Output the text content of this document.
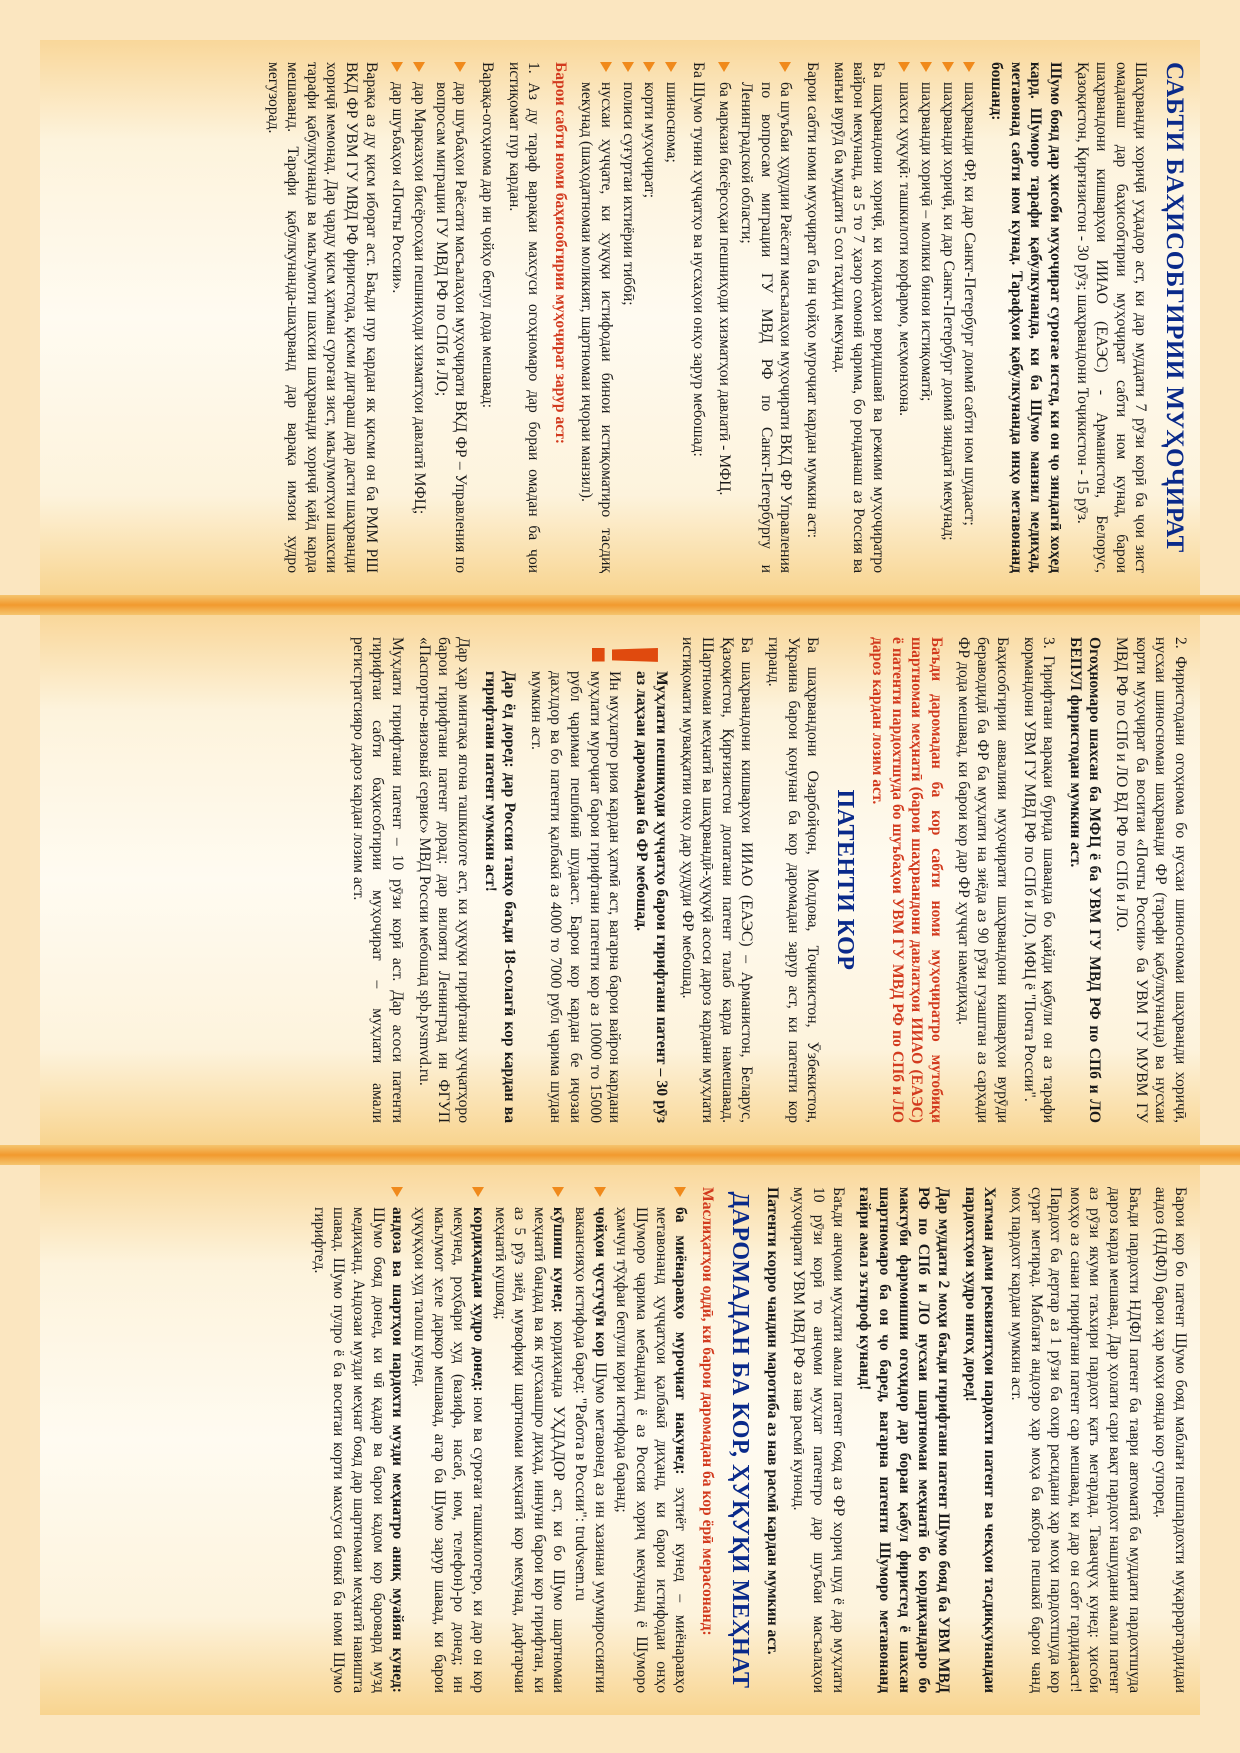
САБТИ БАҲИСОБГИРИИ МУҲОҶИРАТ

Шаҳрванди хориҷӣ уҳдадор аст, ки дар муддати 7 рӯзи корӣ ба ҷои зист омаданаш дар баҳисобгирии муҳоҷират сабти ном кунад, барои шаҳрвандони кишварҳои ИИАО (ЕАЭС) - Арманистон, Белорус, Қазоқистон, Қирғизистон - 30 рӯз; шаҳрвандони Тоҷикистон - 15 рӯз.

Шумо бояд дар ҳисоби муҳоҷират суроғае истед, ки он ҷо зиндагӣ хоҳед кард. Шуморо тарафи қабулкунанда, ки ба Шумо манзил медиҳад, метавонад сабти ном кунад. Тарафҳои қабулкунанда инҳо метавонанд бошанд:

шаҳрванди ФР, ки дар Санкт-Петербург доимӣ сабти ном шудааст;
шаҳрванди хориҷӣ, ки дар Санкт-Петербург доимӣ зиндагӣ мекунад;
шаҳрванди хориҷӣ – молики бинои истиқоматӣ;
шахси ҳуқуқӣ: ташкилоти корфармо, меҳмонхона.

Ба шаҳрвандони хориҷӣ, ки қоидаҳои воридшавӣ ва режими муҳоҷиратро вайрон мекунанд, аз 5 то 7 ҳазор сомонӣ ҷарима, бо ронданаш аз Россия ва манъи вурӯд ба муддати 5 сол таҳдид мекунад.

Барои сабти номи муҳоҷират ба ин ҷойҳо муроҷиат кардан мумкин аст:

ба шуъбаи ҳудудии Раёсати масъалаҳои муҳоҷирати ВКД ФР Управления по вопросам миграции ГУ МВД РФ по Санкт-Петербургу и Ленинградской области;
ба маркази бисёрсоҳаи пешниҳоди хизматҳои давлатӣ - МФЦ.

Ба Шумо тунин ҳуҷҷатҳо ва нусхаҳои онҳо зарур мебошад:

шиносномa;
корти муҳоҷират;
полиси суғуртаи ихтиёрии тиббӣ;
нусхаи ҳуҷҷате, ки ҳуқуқи истифодаи бинои истиқоматиро тасдиқ мекунад (шаҳодатномаи моликият, шартномаи иҷораи манзил).

Барои сабти номи баҳисобгирии муҳоҷират зарур аст:

1. Аз ду тараф варақаи махсуси огоҳномаро дар бораи омадан ба ҷои истиқомат пур кардан.

Варақа-огоҳнома дар ин ҷойҳо бепул дода мешавад:

дар шуъбаҳои Раёсати масъалаҳои муҳоҷирати ВКД ФР – Управления по вопросам миграции ГУ МВД РФ по СПб и ЛО;
дар Марказҳои бисёрсоҳаи пешниҳоди хизматҳои давлатӣ МФЦ;
дар шуъбаҳои «Почты России».

Варақа аз ду қисм иборат аст. Баъди пур кардан як қисми он ба РММ РШ ВКД ФР УВМ ГУ МВД РФ фиристода, қисми дигараш дар дасти шаҳрванди хориҷӣ мемонад. Дар ҷарду қисм ҳатман суроғаи зист, маълумотҳои шахсии тарафи қабулкунанда ва маълумоти шахсии шаҳрванди хориҷӣ қайд карда мешаванд. Тарафи қабулкунанда-шаҳрванд дар варақа имзои худро мегузорад.

2. Фиристодани огоҳнома бо нусхаи шиносномаи шаҳрванди хориҷӣ, нусхаи шиносномаи шаҳрванди ФР (тарафи қабулкунанда) ва нусхаи корти муҳоҷират ба воситаи «Почты России» ба УВМ ГУ МУВМ ГУ МВД РФ по СПб и ЛО ВД РФ по СПб и ЛО.

Огоҳномаро шахсан ба МФЦ ё ба УВМ ГУ МВД РФ по СПб и ЛО БЕПУЛ фиристодан мумкин аст.

3. Гирифтани варақаи бурида шаванда бо қайди қабули он аз тарафи кормандони УВМ ГУ МВД РФ по СПб и ЛО, МФЦ ё "Почта России".

Баҳисобгирии аввалияи муҳоҷирати шаҳрвандони кишварҳои вурӯди бераводидӣ ба ФР ба муҳлати на зиёда аз 90 рӯзи гузаштан аз сарҳади ФР дода мешавад, ки барои кор дар ФР ҳуҷҷат намедиҳад.

Баъди даромадан ба кор сабти номи муҳоҷиратро мутобиқи шартномаи меҳнатӣ (барои шаҳрвандони давлатҳои ИИАО (ЕАЭС) ё патенти пардохтшуда бо шуъбаҳои УВМ ГУ МВД РФ по СПб и ЛО дароз кардан лозим аст.

ПАТЕНТИ КОР

Ба шаҳрвандони Озарбойҷон, Молдова, Тоҷикистон, Ӯзбекистон, Украина барои қонунан ба кор даромадан зарур аст, ки патенти кор гиранд.

Ба шаҳрвандони кишварҳои ИИАО (ЕАЭС) – Арманистон, Беларус, Қазоқистон, Қирғизистон допатани патент талаб карда намешавад. Шартномаи меҳнатӣ ва шаҳрвандӣ-ҳуқуқӣ асоси дароз кардани муҳлати истиқомати муваққатии онҳо дар ҳудуди ФР мебошад.

!

Муҳлати пешниҳоди ҳуҷҷатҳо барои гирифтани патент – 30 рӯз аз лаҳзаи даромадан ба ФР мебошад.

Ин муҳлатро риоя кардан ҳатмӣ аст, вагарна барои вайрон кардани муҳлати муроҷиат барои гирифтани патенти кор аз 10000 то 15000 рубл ҷаримаи пешбинӣ шудааст. Барои кор кардан бе иҷозаи дахлдор ва бо патенти қалбакӣ аз 4000 то 7000 рубл ҷарима шудан мумкин аст.

Дар ёд доред: дар Россия танҳо баъди 18-солагӣ кор кардан ва гирифтани патент мумкин аст!

Дар ҳар минтақа ягона ташкилоте аст, ки ҳуқуқи гирифтани ҳуҷҷатҳоро барои гирифтани патент дорад: дар вилояти Ленинград ин ФГУП «Паспортно-визовый сервис» МВД России мебошад spb.pvsmvd.ru.

Муҳлати гирифтани патент – 10 рӯзи корӣ аст. Дар асоси патенти гирифтаи сабти баҳисобгирии муҳоҷират – муҳлати амали регистратсияро дароз кардан лозим аст.

Барои кор бо патент Шумо бояд маблағи пешпардохти муқарраргардидаи андоз (НДФЛ) барои ҳар моҳи оянда кор супоред.

Баъди пардохти НДФЛ патент ба таври автоматӣ ба муддати пардохтшуда дароз карда мешавад. Дар ҳолати сари вақт пардохт нашудани амали патент аз рӯзи якуми таъхири пардохт қатъ мегардад. Таваҷҷуҳ кунед: ҳисоби моҳҳо аз санаи гирифтани патент сар мешавад, ки дар он сабт гардидааст! Пардохт ба дертар аз 1 рӯзи ба охир расидани ҳар моҳи пардохтшуда кор сурат мегирад. Маблағи андозро ҳар моҳа ба якбора пешакӣ барои чанд моҳ пардохт кардан мумкин аст.

Хатман дами реквизитҳои пардохти патент ва чекҳои тасдиқкунандаи пардохтҳои худро нигоҳ доред!

Дар муддати 2 моҳи баъди гирифтани патент Шумо бояд ба УВМ МВД РФ по СПб и ЛО нусхаи шартномаи меҳнатӣ бо кордиҳандаро бо мактуби фармоишии огоҳидор дар бораи қабул фиристед ё шахсан шартномаро ба он ҷо баред, вагарна патенти Шуморо метавонанд ғайри амал эътироф кунанд!

Баъди анҷоми муҳлати амали патент бояд аз ФР хориҷ шуд ё дар муҳлати 10 рӯзи корӣ то анҷоми муҳлат патентро дар шуъбаи масъалаҳои муҳоҷирати УВМ МВД РФ аз нав расмӣ кунонд.

Патенти корро чандин маротиба аз нав расмӣ кардан мумкин аст.

ДАРОМАДАН БА КОР, ҲУҚУҚИ МЕҲНАТ

Маслиҳатҳои оддӣ, ки барои даромадан ба кор ёрӣ мерасонанд:

ба миёнаравҳо муроҷиат накунед: эҳтиёт кунед – миёнаравҳо метавонанд ҳуҷҷатҳои қалбакӣ диҳанд, ки барои истифодаи онҳо Шуморо ҷаримa мебанданд ё аз Россия хориҷ мекунанд ё Шуморо ҳамчун тӯҳфаи бепули кори истифода баранд;
ҷойҳои ҷустуҷӯи кор Шумо метавонед аз ин хазинаи умумироссиягии вакансияҳо истифода баред: "Работа в России": trudvsem.ru
кӯшиш кунед: кордиҳанда УҲДАДОР аст, ки бо Шумо шартномаи меҳнатӣ бандад ва як нусхаашро диҳад, иннуни барои кор гирифтан, ки аз 5 рӯз зиёд мувофиқи шартномаи меҳнатӣ кор мекунад, дафтарчаи меҳнатӣ кушояд;
кордиҳандаи худро донед: ном ва суроғаи ташкилотеро, ки дар он кор мекунед, роҳбари худ (вазифа, насаб, ном, телефон)-ро донед; ин маълумот ҳеле даркор мешавад, агар ба Шумо зарур шавад, ки барои ҳуқуқҳои худ талош кунед.
андоза ва шартҳои пардохти музди меҳнатро аниқ муайян кунед: Шумо бояд донед, ки чӣ қадар ва барои кадом кор баровард музд медиҳанд. Андозаи музди меҳнат бояд дар шартномаи меҳнатӣ навишта шавад. Шумо пулро ё ба воситаи корти махсуси бонкӣ ба номи Шумо гирифтед.
